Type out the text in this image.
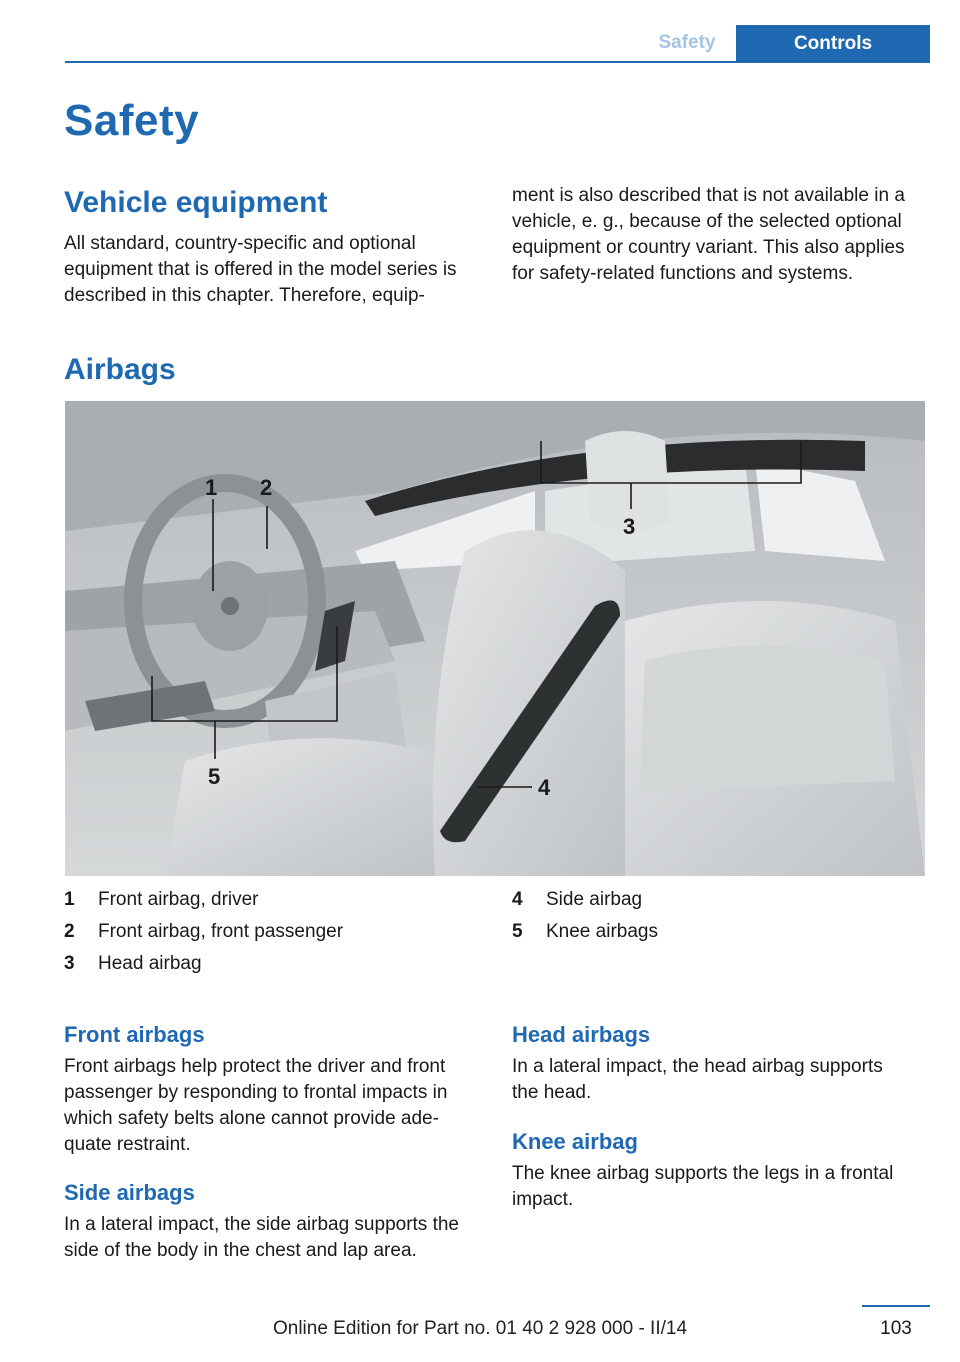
Safety	Controls
Safety
Vehicle equipment
All standard, country-specific and optional
equipment that is offered in the model series is
described in this chapter. Therefore, equip-
ment is also described that is not available in a
vehicle, e. g., because of the selected optional
equipment or country variant. This also applies
for safety-related functions and systems.
Airbags
1 2
3
4
5
1 Front airbag, driver
2 Front airbag, front passenger
3 Head airbag
4 Side airbag
5 Knee airbags
Front airbags
Front airbags help protect the driver and front
passenger by responding to frontal impacts in
which safety belts alone cannot provide ade-
quate restraint.
Side airbags
In a lateral impact, the side airbag supports the
side of the body in the chest and lap area.
Head airbags
In a lateral impact, the head airbag supports
the head.
Knee airbag
The knee airbag supports the legs in a frontal
impact.
103
Online Edition for Part no. 01 40 2 928 000 - II/14
